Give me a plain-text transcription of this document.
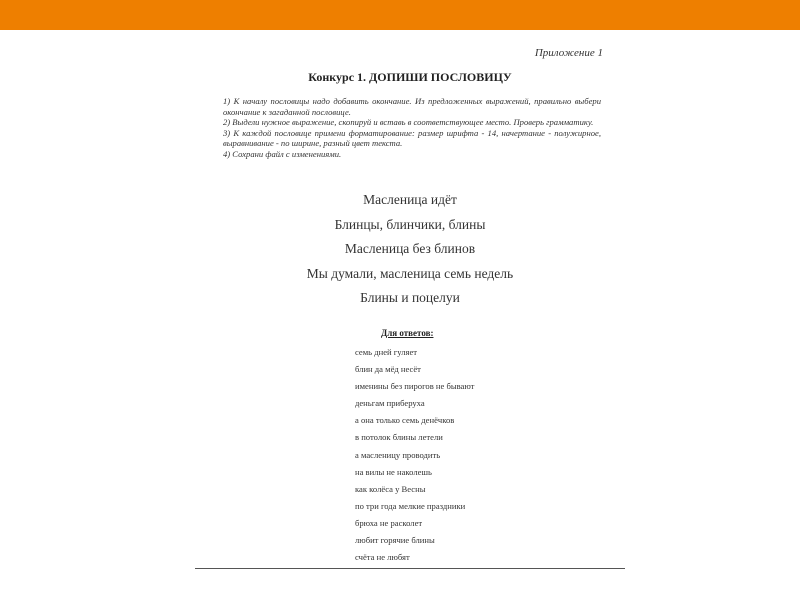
Приложение 1
Конкурс 1. ДОПИШИ ПОСЛОВИЦУ

1) К началу пословицы надо добавить окончание. Из предложенных выражений, правильно выбери окончание к загаданной пословице.

2) Выдели нужное выражение, скопируй и вставь в соответствующее место. Проверь грамматику.

3) К каждой пословице примени форматирование: размер шрифта - 14, начертание - полужирное, выравнивание - по ширине, разный цвет текста.

4) Сохрани файл с изменениями.

Масленица идёт
Блинцы, блинчики, блины
Масленица без блинов
Мы думали, масленица семь недель
Блины и поцелуи
Для ответов:
семь дней гуляет
блин да мёд несёт
именины без пирогов не бывают
деньгам приберуха
а она только семь денёчков
в потолок блины летели
а масленицу проводить
на вилы не наколешь
как колёса у Весны
по три года мелкие праздники
брюха не расколет
любит горячие блины
счёта не любят
